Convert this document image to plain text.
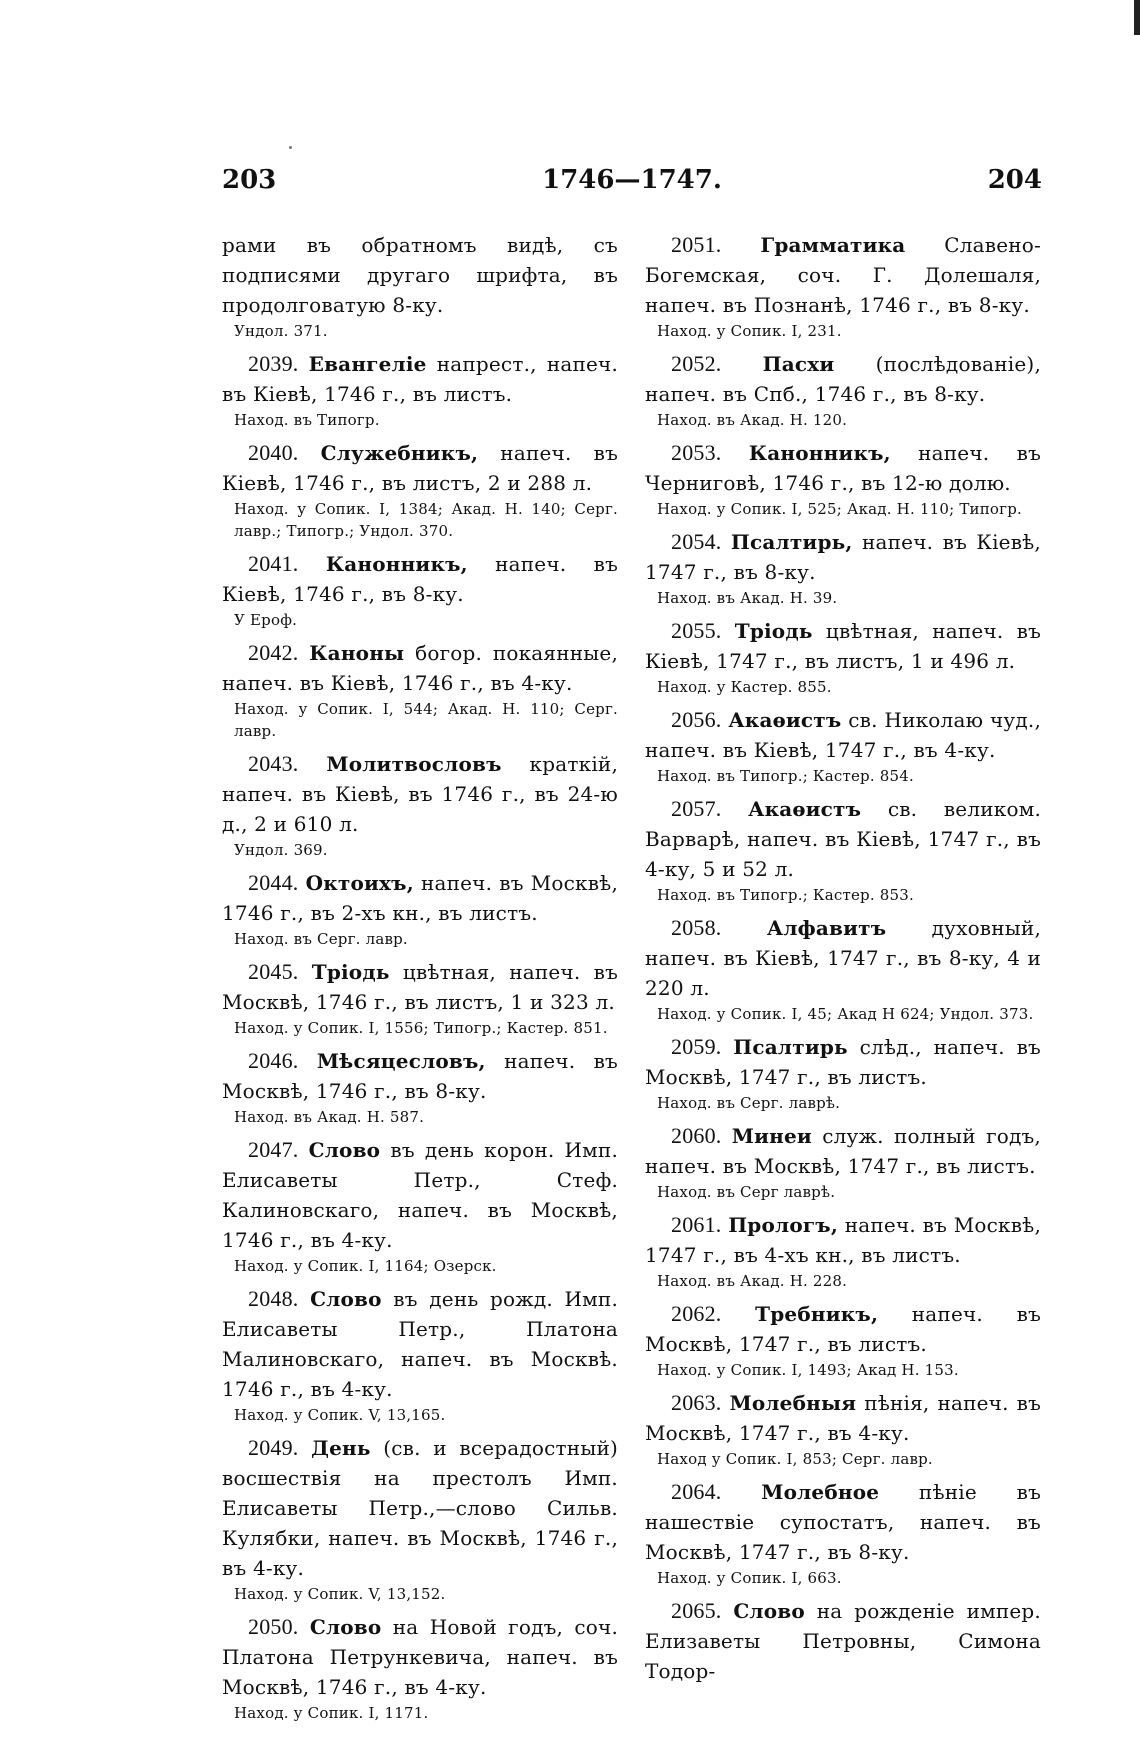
203	1746—1747.	204
рами въ обратномъ видѣ, съ подписями другаго шрифта, въ продолговатую 8-ку.
Ундол. 371.
2039. Евангеліе напрест., напеч. въ Кіевѣ, 1746 г., въ листъ.
Наход. въ Типогр.
2040. Служебникъ, напеч. въ Кіевѣ, 1746 г., въ листъ, 2 и 288 л.
Наход. у Сопик. І, 1384; Акад. Н. 140; Серг. лавр.; Типогр.; Ундол. 370.
2041. Канонникъ, напеч. въ Кіевѣ, 1746 г., въ 8-ку.
У Ероф.
2042. Каноны богор. покаянные, напеч. въ Кіевѣ, 1746 г., въ 4-ку.
Наход. у Сопик. І, 544; Акад. Н. 110; Серг. лавр.
2043. Молитвословъ краткій, напеч. въ Кіевѣ, въ 1746 г., въ 24-ю д., 2 и 610 л.
Ундол. 369.
2044. Октоихъ, напеч. въ Москвѣ, 1746 г., въ 2-хъ кн., въ листъ.
Наход. въ Серг. лавр.
2045. Тріодь цвѣтная, напеч. въ Москвѣ, 1746 г., въ листъ, 1 и 323 л.
Наход. у Сопик. І, 1556; Типогр.; Кастер. 851.
2046. Мѣсяцесловъ, напеч. въ Москвѣ, 1746 г., въ 8-ку.
Наход. въ Акад. Н. 587.
2047. Слово въ день корон. Имп. Елисаветы Петр., Стеф. Калиновскаго, напеч. въ Москвѣ, 1746 г., въ 4-ку.
Наход. у Сопик. І, 1164; Озерск.
2048. Слово въ день рожд. Имп. Елисаветы Петр., Платона Малиновскаго, напеч. въ Москвѣ. 1746 г., въ 4-ку.
Наход. у Сопик. V, 13,165.
2049. День (св. и всерадостный) восшествія на престолъ Имп. Елисаветы Петр.,—слово Сильв. Кулябки, напеч. въ Москвѣ, 1746 г., въ 4-ку.
Наход. у Сопик. V, 13,152.
2050. Слово на Новой годъ, соч. Платона Петрункевича, напеч. въ Москвѣ, 1746 г., въ 4-ку.
Наход. у Сопик. І, 1171.
2051. Грамматика Славено-Богемская, соч. Г. Долешаля, напеч. въ Познанѣ, 1746 г., въ 8-ку.
Наход. у Сопик. І, 231.
2052. Пасхи (послѣдованіе), напеч. въ Спб., 1746 г., въ 8-ку.
Наход. въ Акад. Н. 120.
2053. Канонникъ, напеч. въ Черниговѣ, 1746 г., въ 12-ю долю.
Наход. у Сопик. І, 525; Акад. Н. 110; Типогр.
2054. Псалтирь, напеч. въ Кіевѣ, 1747 г., въ 8-ку.
Наход. въ Акад. Н. 39.
2055. Тріодь цвѣтная, напеч. въ Кіевѣ, 1747 г., въ листъ, 1 и 496 л.
Наход. у Кастер. 855.
2056. Акаѳистъ св. Николаю чуд., напеч. въ Кіевѣ, 1747 г., въ 4-ку.
Наход. въ Типогр.; Кастер. 854.
2057. Акаѳистъ св. великом. Варварѣ, напеч. въ Кіевѣ, 1747 г., въ 4-ку, 5 и 52 л.
Наход. въ Типогр.; Кастер. 853.
2058. Алфавитъ духовный, напеч. въ Кіевѣ, 1747 г., въ 8-ку, 4 и 220 л.
Наход. у Сопик. І, 45; Акад Н 624; Ундол. 373.
2059. Псалтирь слѣд., напеч. въ Москвѣ, 1747 г., въ листъ.
Наход. въ Серг. лаврѣ.
2060. Минеи служ. полный годъ, напеч. въ Москвѣ, 1747 г., въ листъ.
Наход. въ Серг лаврѣ.
2061. Прологъ, напеч. въ Москвѣ, 1747 г., въ 4-хъ кн., въ листъ.
Наход. въ Акад. Н. 228.
2062. Требникъ, напеч. въ Москвѣ, 1747 г., въ листъ.
Наход. у Сопик. І, 1493; Акад Н. 153.
2063. Молебныя пѣнія, напеч. въ Москвѣ, 1747 г., въ 4-ку.
Наход у Сопик. І, 853; Серг. лавр.
2064. Молебное пѣніе въ нашествіе супостатъ, напеч. въ Москвѣ, 1747 г., въ 8-ку.
Наход. у Сопик. І, 663.
2065. Слово на рожденіе импер. Елизаветы Петровны, Симона Тодор-
